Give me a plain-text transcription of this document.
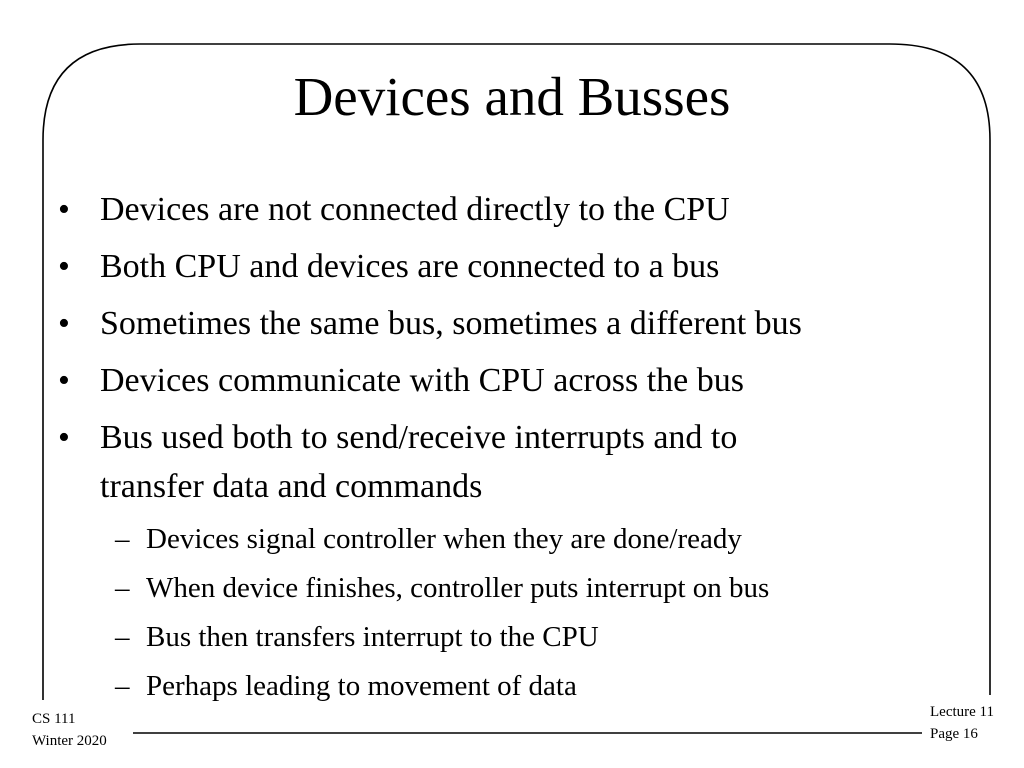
Devices and Busses
• Devices are not connected directly to the CPU
• Both CPU and devices are connected to a bus
• Sometimes the same bus, sometimes a different bus
• Devices communicate with CPU across the bus
• Bus used both to send/receive interrupts and to
transfer data and commands
– Devices signal controller when they are done/ready
– When device finishes, controller puts interrupt on bus
– Bus then transfers interrupt to the CPU
– Perhaps leading to movement of data
CS 111
Winter 2020
Lecture 11
Page 16
